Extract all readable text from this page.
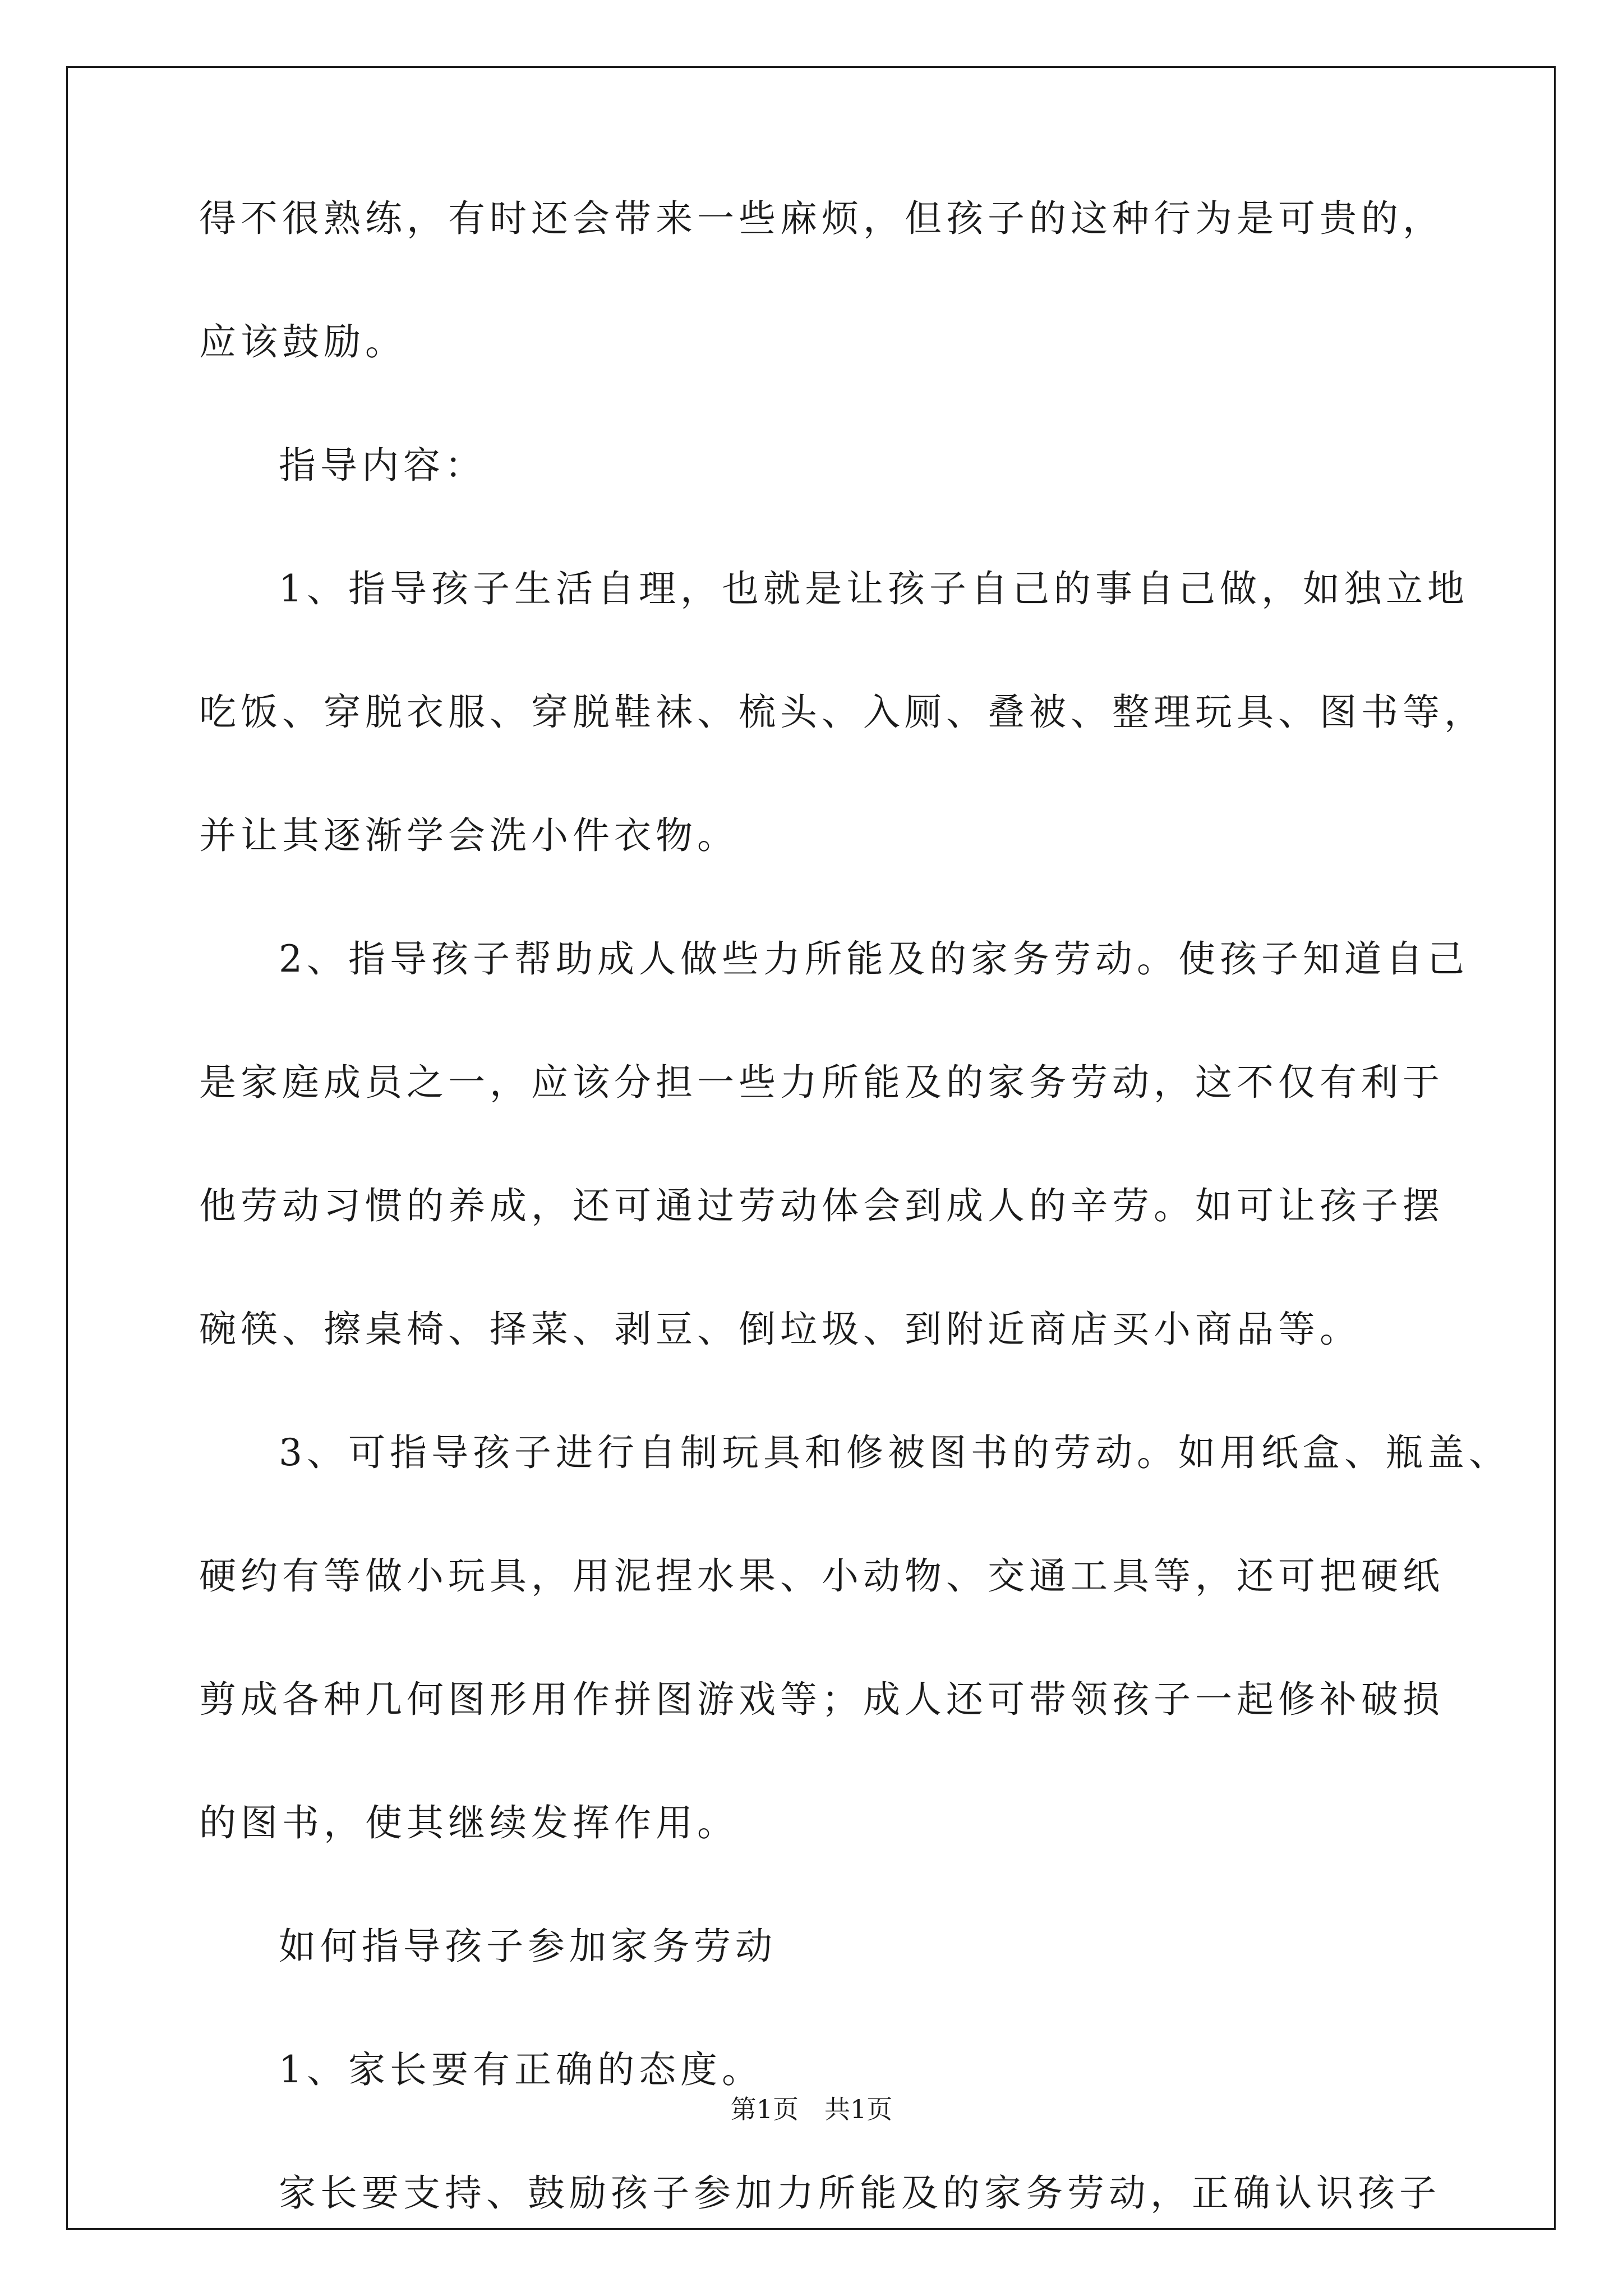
得不很熟练，有时还会带来一些麻烦，但孩子的这种行为是可贵的，
应该鼓励。
指导内容：
1、指导孩子生活自理，也就是让孩子自己的事自己做，如独立地
吃饭、穿脱衣服、穿脱鞋袜、梳头、入厕、叠被、整理玩具、图书等，
并让其逐渐学会洗小件衣物。
2、指导孩子帮助成人做些力所能及的家务劳动。使孩子知道自己
是家庭成员之一，应该分担一些力所能及的家务劳动，这不仅有利于
他劳动习惯的养成，还可通过劳动体会到成人的辛劳。如可让孩子摆
碗筷、擦桌椅、择菜、剥豆、倒垃圾、到附近商店买小商品等。
3、可指导孩子进行自制玩具和修被图书的劳动。如用纸盒、瓶盖、
硬约有等做小玩具，用泥捏水果、小动物、交通工具等，还可把硬纸
剪成各种几何图形用作拼图游戏等；成人还可带领孩子一起修补破损
的图书，使其继续发挥作用。
如何指导孩子参加家务劳动
1、家长要有正确的态度。
家长要支持、鼓励孩子参加力所能及的家务劳动，正确认识孩子
第1页　共1页
